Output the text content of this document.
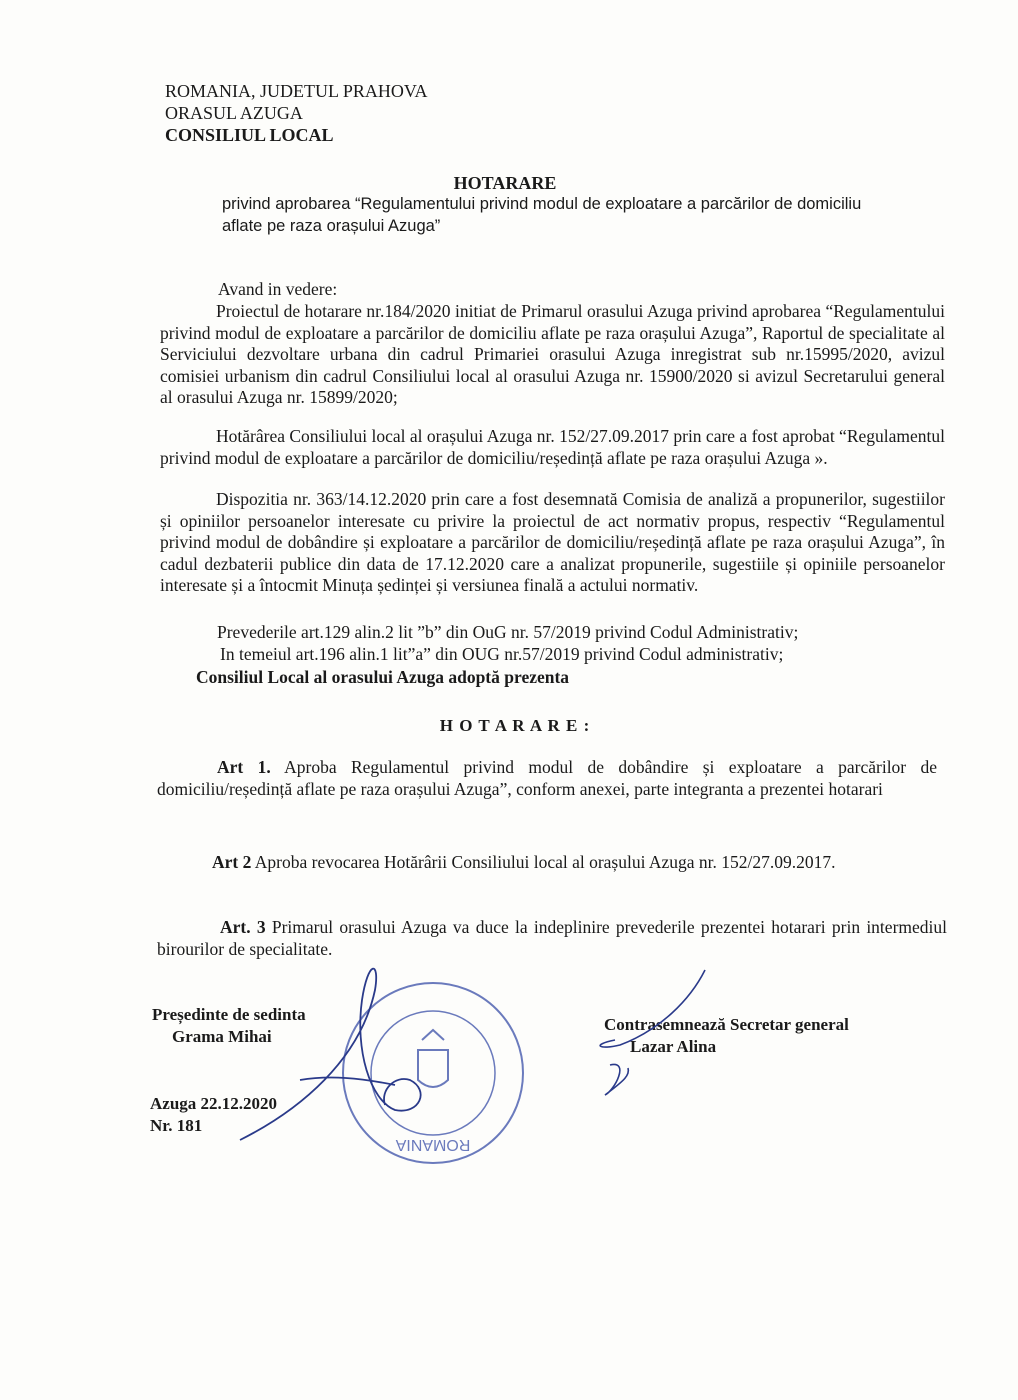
ROMANIA, JUDETUL PRAHOVA
ORASUL AZUGA
CONSILIUL LOCAL
HOTARARE
privind aprobarea “Regulamentului privind modul de exploatare a parcărilor de domiciliu aflate pe raza orașului Azuga”
Avand in vedere:
Proiectul de hotarare nr.184/2020 initiat de Primarul orasului Azuga privind aprobarea “Regulamentului privind modul de exploatare a parcărilor de domiciliu aflate pe raza orașului Azuga”, Raportul de specialitate al Serviciului dezvoltare urbana din cadrul Primariei orasului Azuga inregistrat sub nr.15995/2020, avizul comisiei urbanism din cadrul Consiliului local al orasului Azuga nr. 15900/2020 si avizul Secretarului general al orasului Azuga nr. 15899/2020;
Hotărârea Consiliului local al orașului Azuga nr. 152/27.09.2017 prin care a fost aprobat “Regulamentul privind modul de exploatare a parcărilor de domiciliu/reședință aflate pe raza orașului Azuga ».
Dispozitia nr. 363/14.12.2020 prin care a fost desemnată Comisia de analiză a propunerilor, sugestiilor și opiniilor persoanelor interesate cu privire la proiectul de act normativ propus, respectiv “Regulamentul privind modul de dobândire și exploatare a parcărilor de domiciliu/reședință aflate pe raza orașului Azuga”, în cadul dezbaterii publice din data de 17.12.2020 care a analizat propunerile, sugestiile și opiniile persoanelor interesate și a întocmit Minuța ședinței și versiunea finală a actului normativ.
Prevederile art.129 alin.2 lit ”b” din OuG nr. 57/2019 privind Codul Administrativ;
In temeiul art.196 alin.1 lit”a” din OUG nr.57/2019 privind Codul administrativ;
Consiliul Local al orasului Azuga adoptă prezenta
H O T A R A R E :
Art 1. Aproba Regulamentul privind modul de dobândire și exploatare a parcărilor de domiciliu/reședință aflate pe raza orașului Azuga”, conform anexei, parte integranta a prezentei hotarari
Art 2 Aproba revocarea Hotărârii Consiliului local al orașului Azuga nr. 152/27.09.2017.
Art. 3 Primarul orasului Azuga va duce la indeplinire prevederile prezentei hotarari prin intermediul birourilor de specialitate.
Președinte de sedinta
Grama Mihai
Contrasemnează Secretar general
Lazar Alina
Azuga 22.12.2020
Nr. 181
ROMANIA
